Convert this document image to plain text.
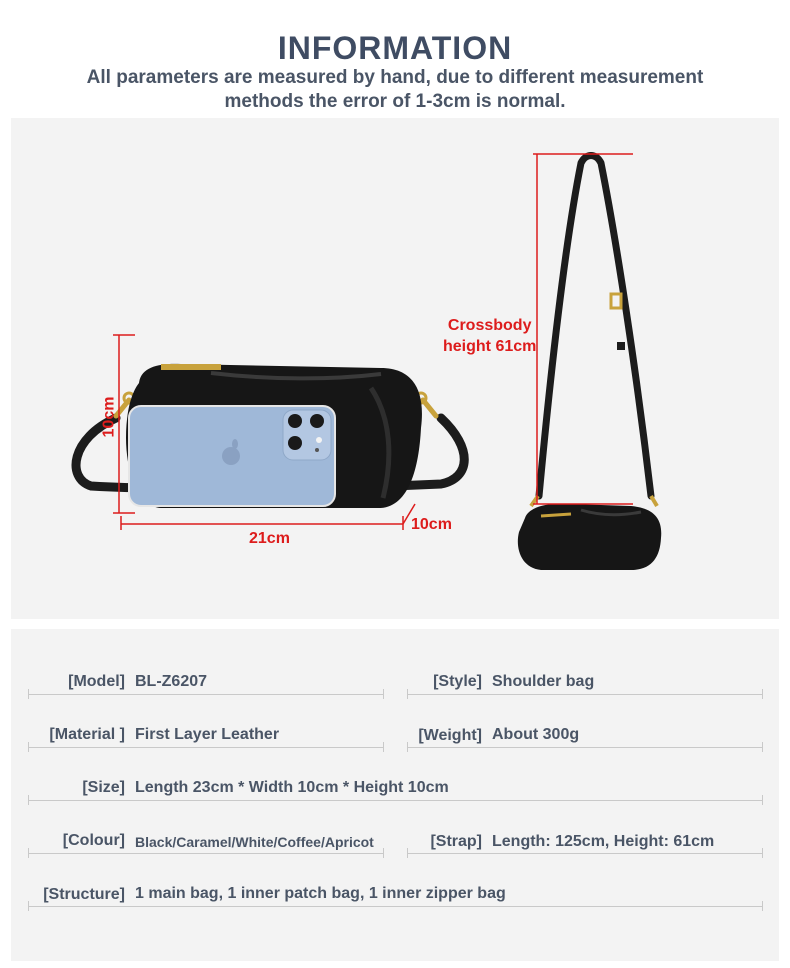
INFORMATION
All parameters are measured by hand, due to different measurement
methods the error of 1-3cm is normal.
10cm
21cm
10cm
Crossbody
height 61cm
[Model] BL-Z6207	[Style] Shoulder bag
[Material ] First Layer Leather	[Weight] About 300g
[Size] Length 23cm * Width 10cm * Height 10cm
[Colour] Black/Caramel/White/Coffee/Apricot	[Strap] Length: 125cm, Height: 61cm
[Structure] 1 main bag, 1 inner patch bag, 1 inner zipper bag
